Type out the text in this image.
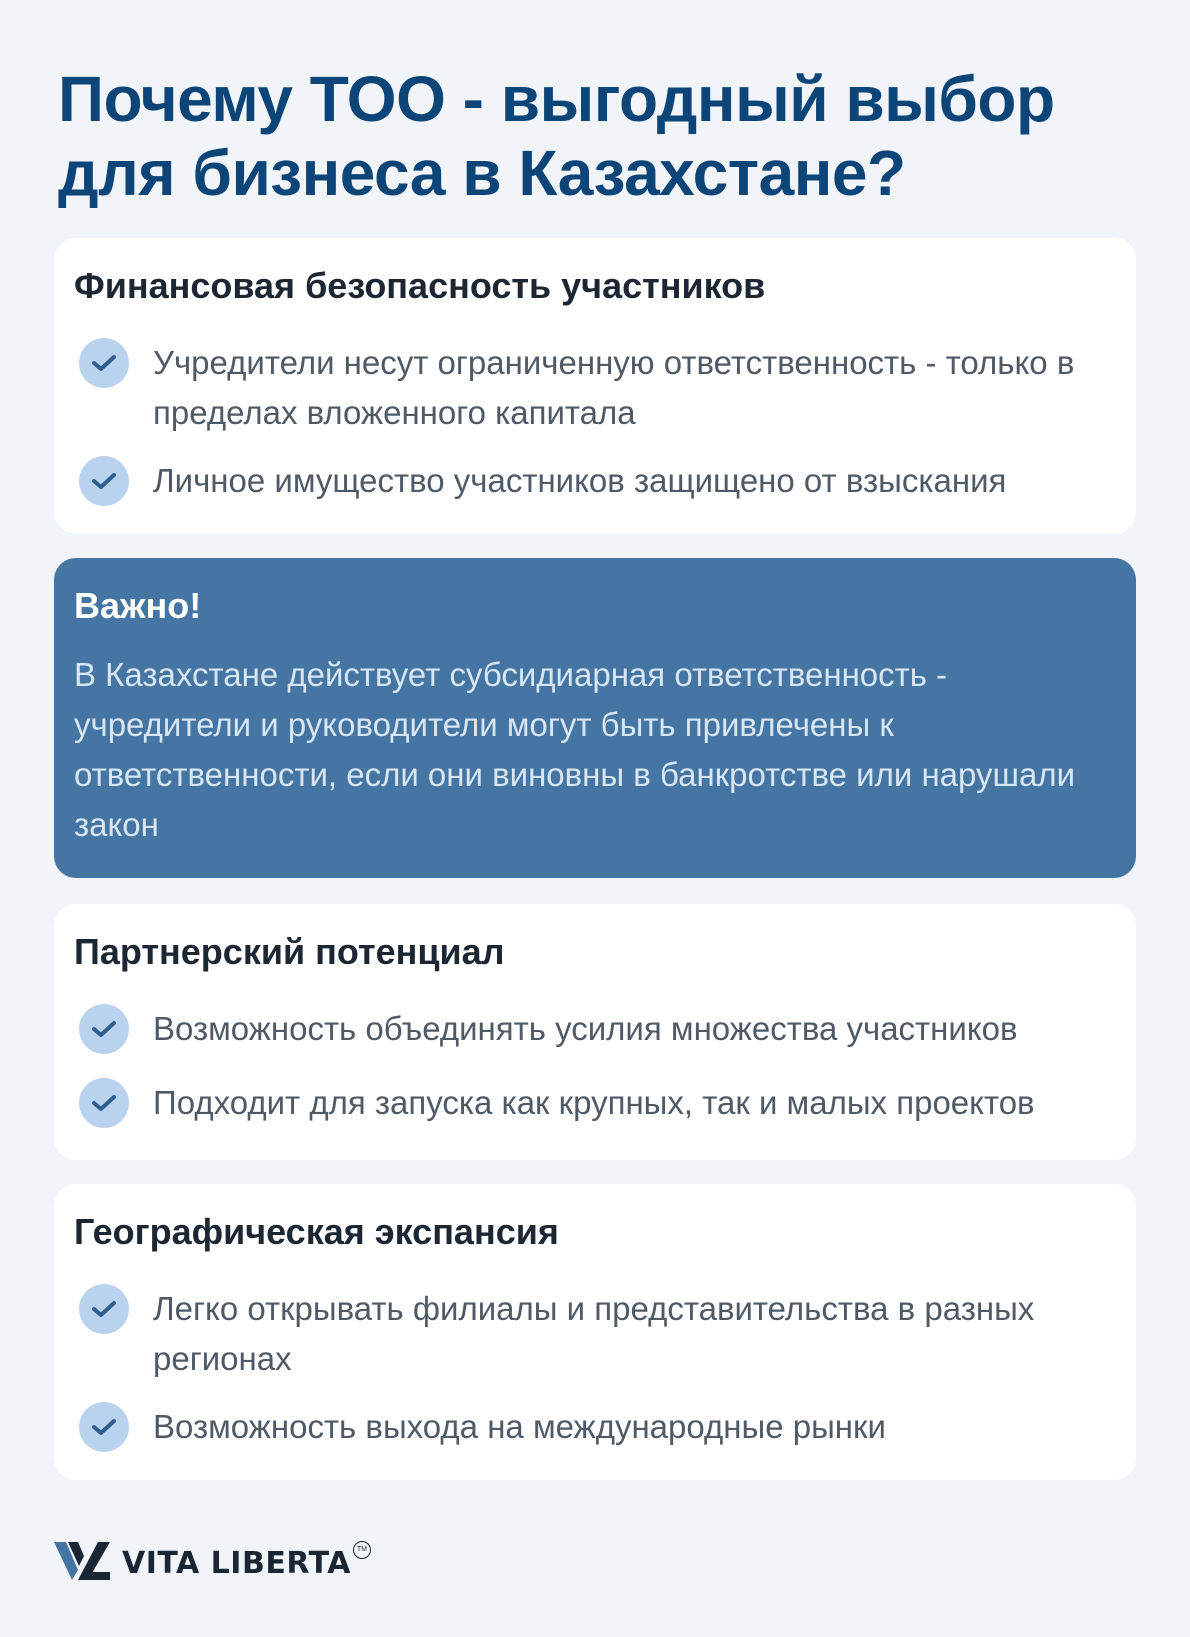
Почему ТОО - выгодный выбор для бизнеса в Казахстане?
Финансовая безопасность участников
Учредители несут ограниченную ответственность - только в пределах вложенного капитала
Личное имущество участников защищено от взыскания
Важно!

В Казахстане действует субсидиарная ответственность - учредители и руководители могут быть привлечены к ответственности, если они виновны в банкротстве или нарушали закон

Партнерский потенциал
Возможность объединять усилия множества участников
Подходит для запуска как крупных, так и малых проектов
Географическая экспансия
Легко открывать филиалы и представительства в разных регионах
Возможность выхода на международные рынки
VITA LIBERTA TM
